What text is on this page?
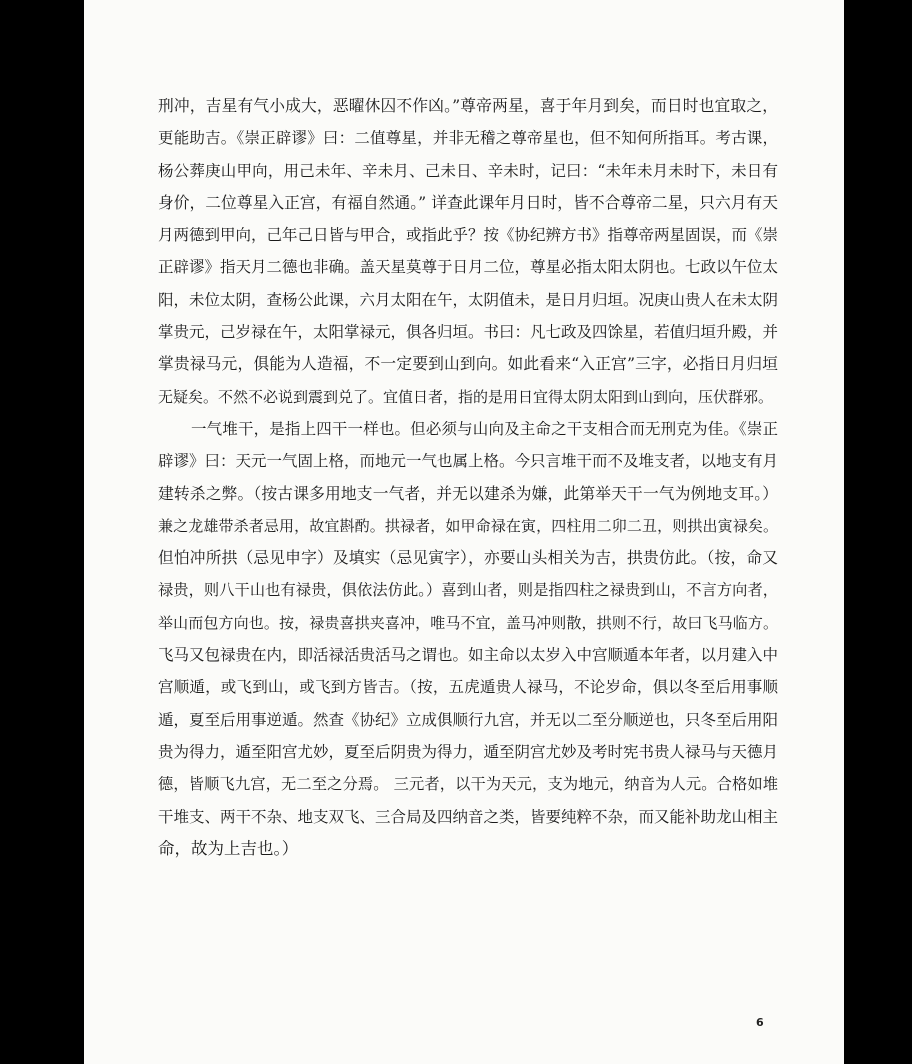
刑冲，吉星有气小成大，恶曜休囚不作凶。”尊帝两星，喜于年月到矣，而日时也宜取之，
更能助吉。《崇正辟谬》曰：二值尊星，并非无稽之尊帝星也，但不知何所指耳。考古课，
杨公葬庚山甲向，用己未年、辛未月、己未日、辛未时，记曰：“未年未月未时下，未日有
身价，二位尊星入正宫，有福自然通。” 详查此课年月日时，皆不合尊帝二星，只六月有天
月两德到甲向，己年己日皆与甲合，或指此乎？按《协纪辨方书》指尊帝两星固误，而《崇
正辟谬》指天月二德也非确。盖天星莫尊于日月二位，尊星必指太阳太阴也。七政以午位太
阳，未位太阴，查杨公此课，六月太阳在午，太阴值未，是日月归垣。况庚山贵人在未太阴
掌贵元，己岁禄在午，太阳掌禄元，俱各归垣。书曰：凡七政及四馀星，若值归垣升殿，并
掌贵禄马元，俱能为人造福，不一定要到山到向。如此看来“入正宫”三字，必指日月归垣
无疑矣。不然不必说到震到兑了。宜值日者，指的是用日宜得太阴太阳到山到向，压伏群邪。
一气堆干，是指上四干一样也。但必须与山向及主命之干支相合而无刑克为佳。《崇正
辟谬》曰：天元一气固上格，而地元一气也属上格。今只言堆干而不及堆支者，以地支有月
建转杀之弊。（按古课多用地支一气者，并无以建杀为嫌，此第举天干一气为例地支耳。）
兼之龙雄带杀者忌用，故宜斟酌。拱禄者，如甲命禄在寅，四柱用二卯二丑，则拱出寅禄矣。
但怕冲所拱（忌见申字）及填实（忌见寅字），亦要山头相关为吉，拱贵仿此。（按，命又
禄贵，则八干山也有禄贵，俱依法仿此。）喜到山者，则是指四柱之禄贵到山，不言方向者，
举山而包方向也。按，禄贵喜拱夹喜冲，唯马不宜，盖马冲则散，拱则不行，故曰飞马临方。
飞马又包禄贵在内，即活禄活贵活马之谓也。如主命以太岁入中宫顺遁本年者，以月建入中
宫顺遁，或飞到山，或飞到方皆吉。（按，五虎遁贵人禄马，不论岁命，俱以冬至后用事顺
遁，夏至后用事逆遁。然查《协纪》立成俱顺行九宫，并无以二至分顺逆也，只冬至后用阳
贵为得力，遁至阳宫尤妙，夏至后阴贵为得力，遁至阴宫尤妙及考时宪书贵人禄马与天德月
德，皆顺飞九宫，无二至之分焉。 三元者，以干为天元，支为地元，纳音为人元。合格如堆
干堆支、两干不杂、地支双飞、三合局及四纳音之类，皆要纯粹不杂，而又能补助龙山相主
命，故为上吉也。）
6
